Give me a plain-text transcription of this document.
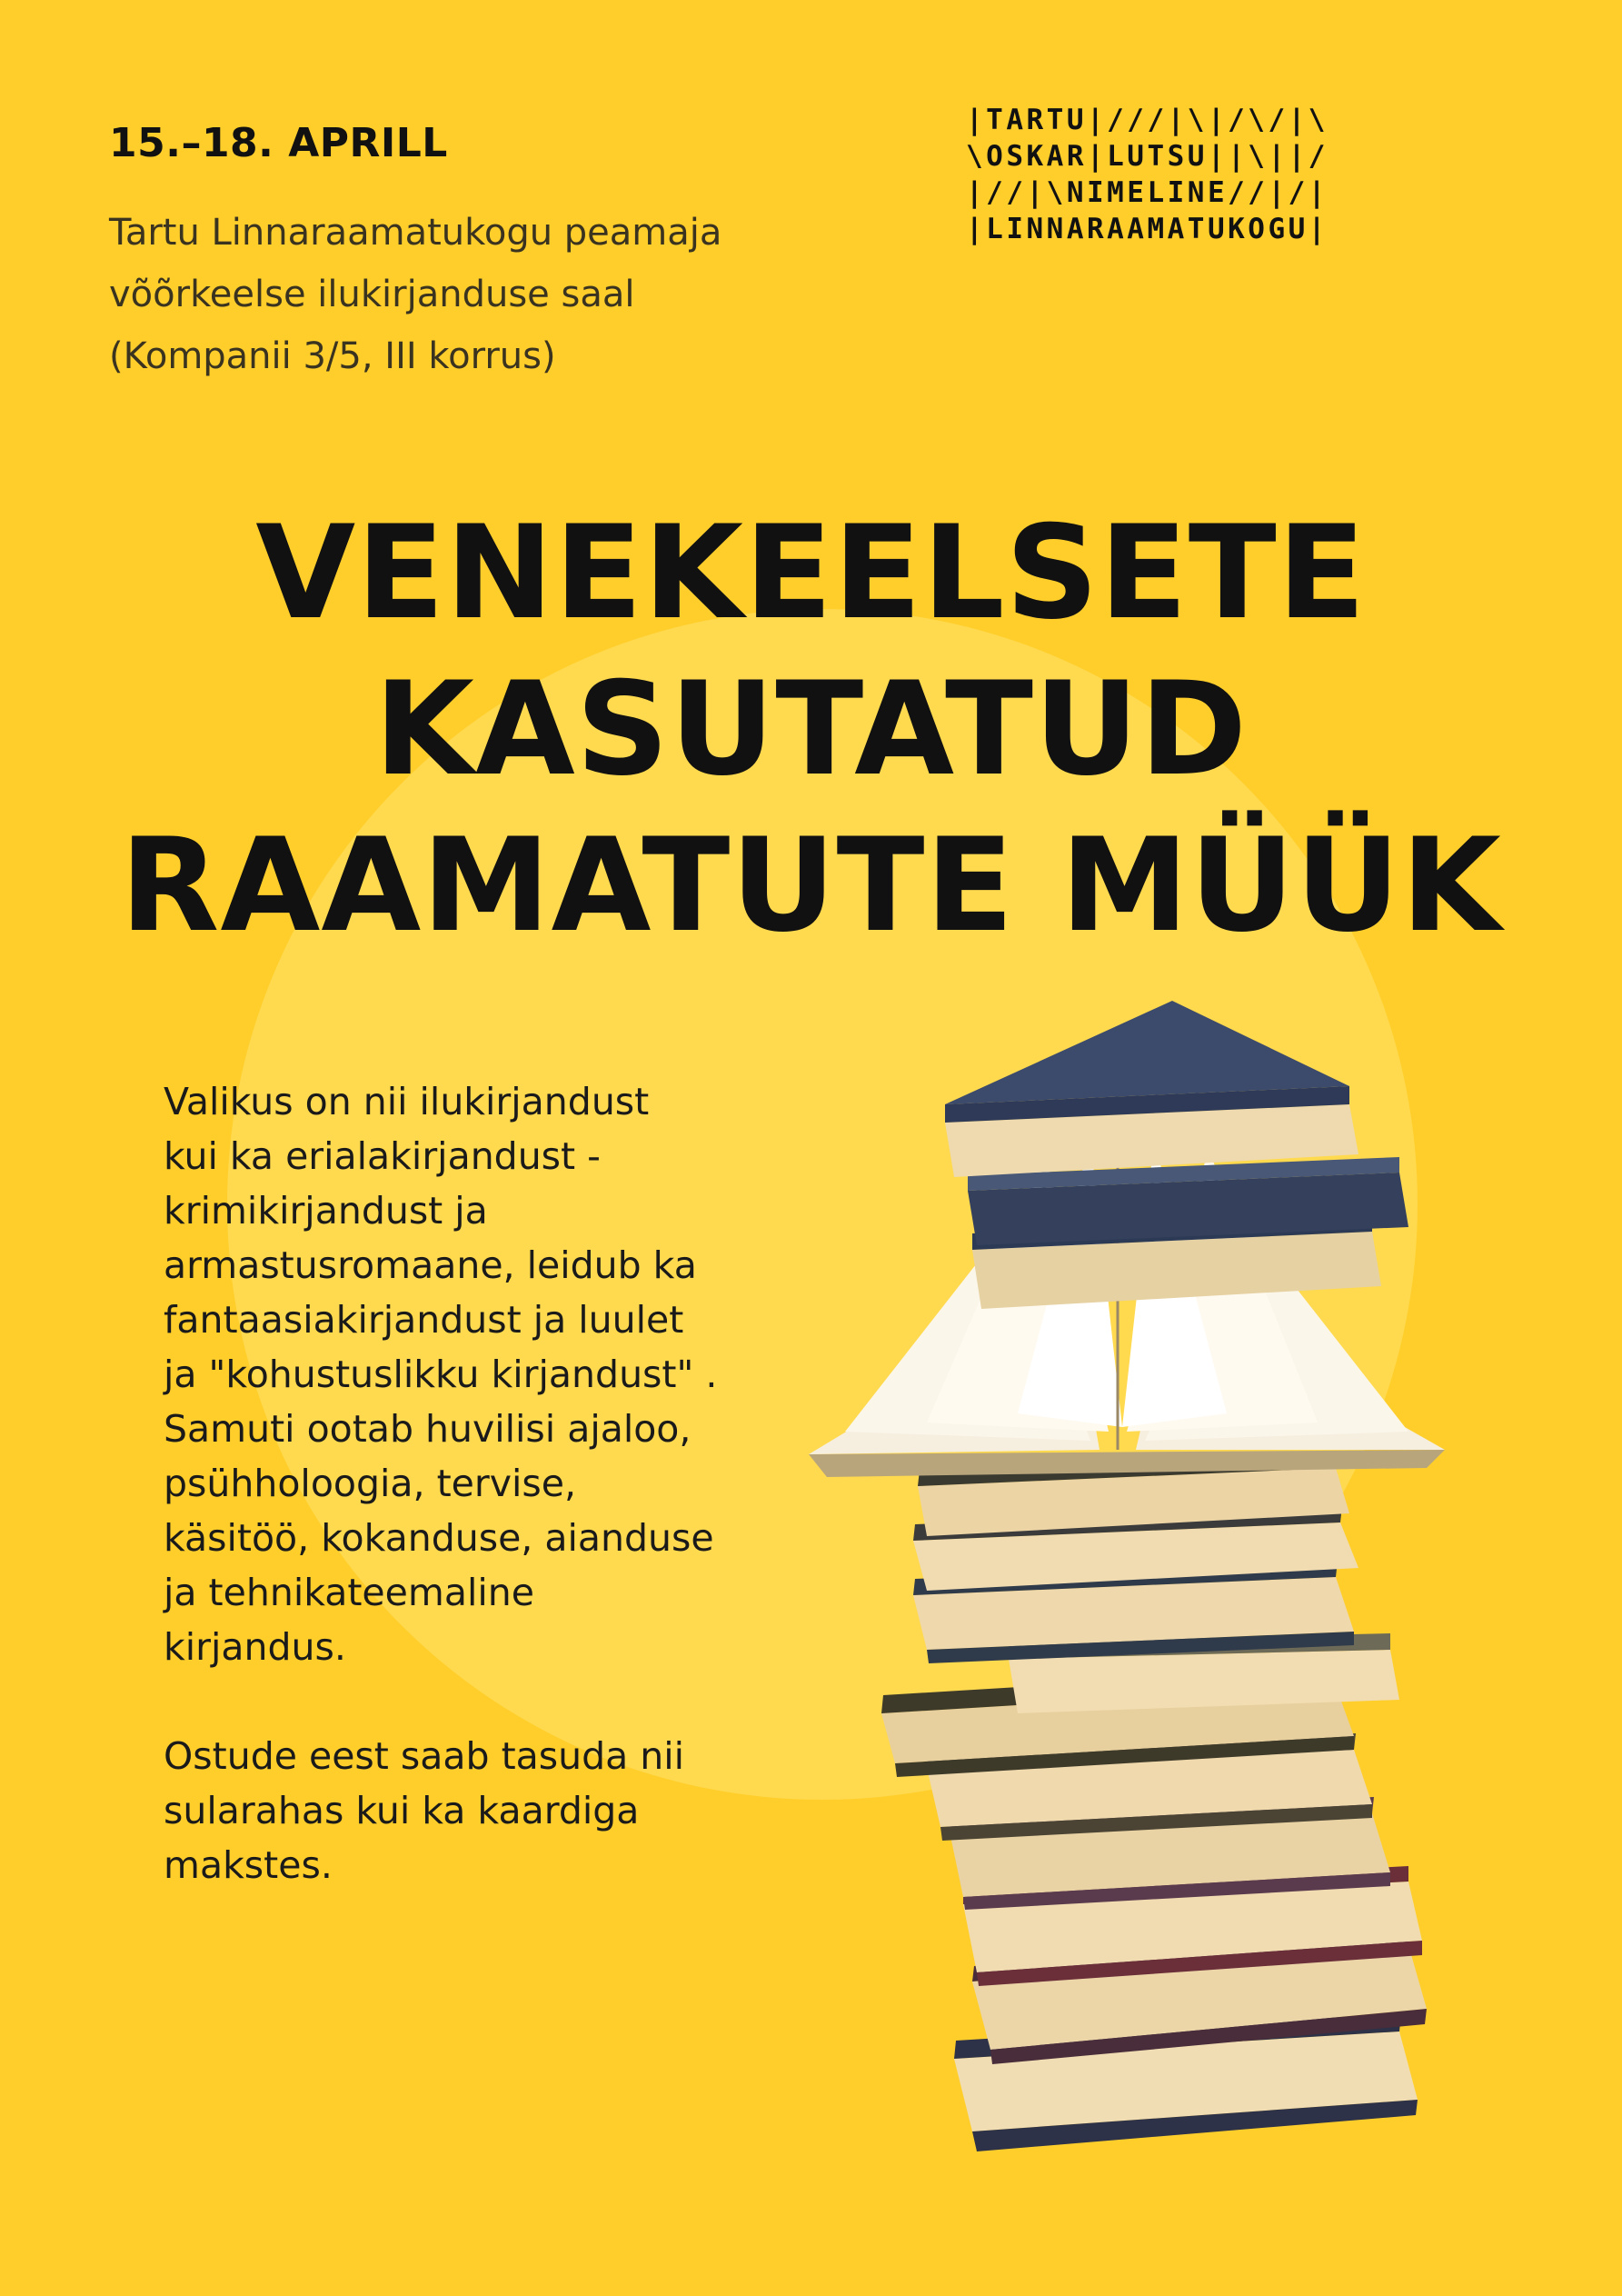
15.–18. APRILL
Tartu Linnaraamatukogu peamaja
võõrkeelse ilukirjanduse saal
(Kompanii 3/5, III korrus)
|TARTU|///|\|/\/|\
\OSKAR|LUTSU||\||/
|//|\NIMELINE//|/|
|LINNARAAMATUKOGU|
VENEKEELSETE
KASUTATUD
RAAMATUTE MÜÜK
Valikus on nii ilukirjandust
kui ka erialakirjandust -
krimikirjandust ja
armastusromaane, leidub ka
fantaasiakirjandust ja luulet
ja "kohustuslikku kirjandust" .
Samuti ootab huvilisi ajaloo,
psühholoogia, tervise,
käsitöö, kokanduse, aianduse
ja tehnikateemaline
kirjandus.
Ostude eest saab tasuda nii
sularahas kui ka kaardiga
makstes.
